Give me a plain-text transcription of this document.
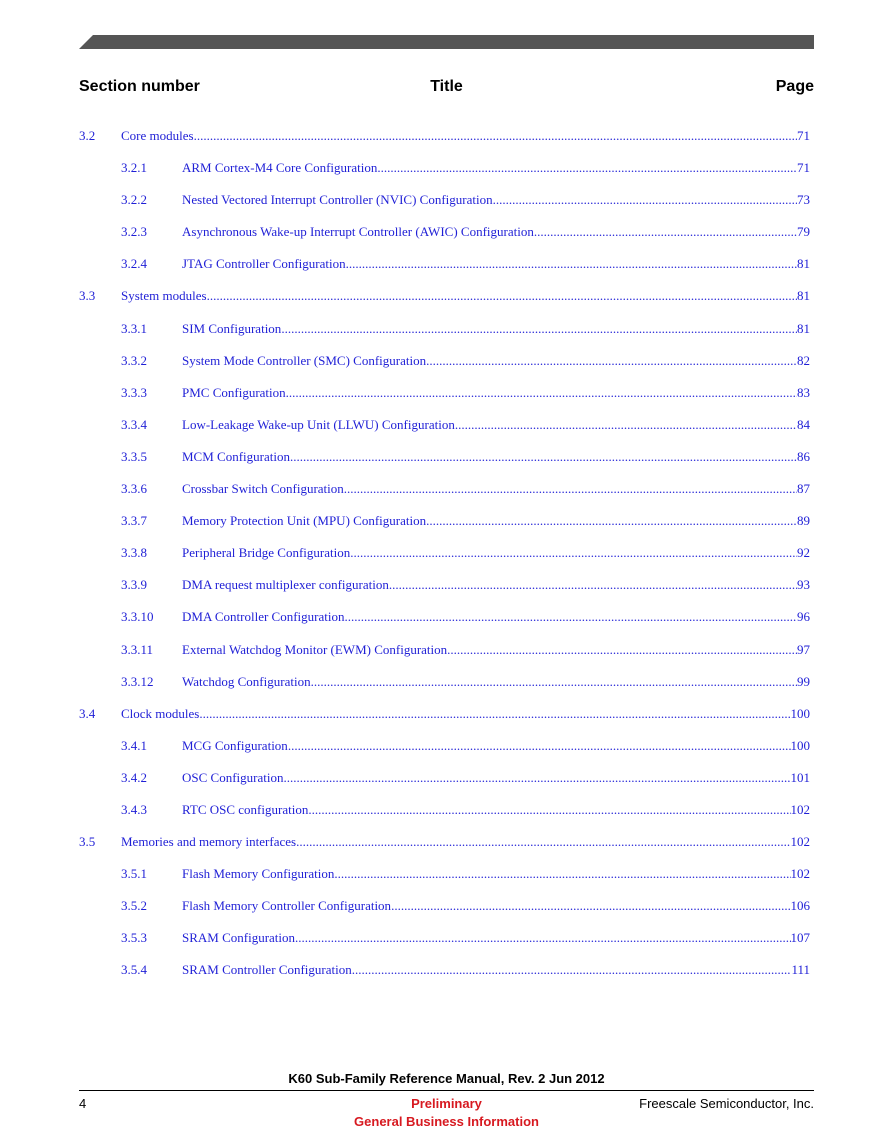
Section number	Title	Page
3.2 Core modules .....	71
3.2.1	ARM Cortex-M4 Core Configuration .....	71
3.2.2	Nested Vectored Interrupt Controller (NVIC) Configuration .....	73
3.2.3	Asynchronous Wake-up Interrupt Controller (AWIC) Configuration .....	79
3.2.4	JTAG Controller Configuration .....	81
3.3 System modules .....	81
3.3.1	SIM Configuration .....	81
3.3.2	System Mode Controller (SMC) Configuration .....	82
3.3.3	PMC Configuration .....	83
3.3.4	Low-Leakage Wake-up Unit (LLWU) Configuration .....	84
3.3.5	MCM Configuration .....	86
3.3.6	Crossbar Switch Configuration .....	87
3.3.7	Memory Protection Unit (MPU) Configuration .....	89
3.3.8	Peripheral Bridge Configuration .....	92
3.3.9	DMA request multiplexer configuration .....	93
3.3.10 DMA Controller Configuration .....	96
3.3.11 External Watchdog Monitor (EWM) Configuration .....	97
3.3.12 Watchdog Configuration .....	99
3.4 Clock modules .....	100
3.4.1	MCG Configuration .....	100
3.4.2	OSC Configuration .....	101
3.4.3	RTC OSC configuration .....	102
3.5 Memories and memory interfaces .....	102
3.5.1	Flash Memory Configuration .....	102
3.5.2	Flash Memory Controller Configuration .....	106
3.5.3	SRAM Configuration .....	107
3.5.4	SRAM Controller Configuration .....	111
K60 Sub-Family Reference Manual, Rev. 2 Jun 2012
4	Preliminary
General Business Information
Freescale Semiconductor, Inc.
